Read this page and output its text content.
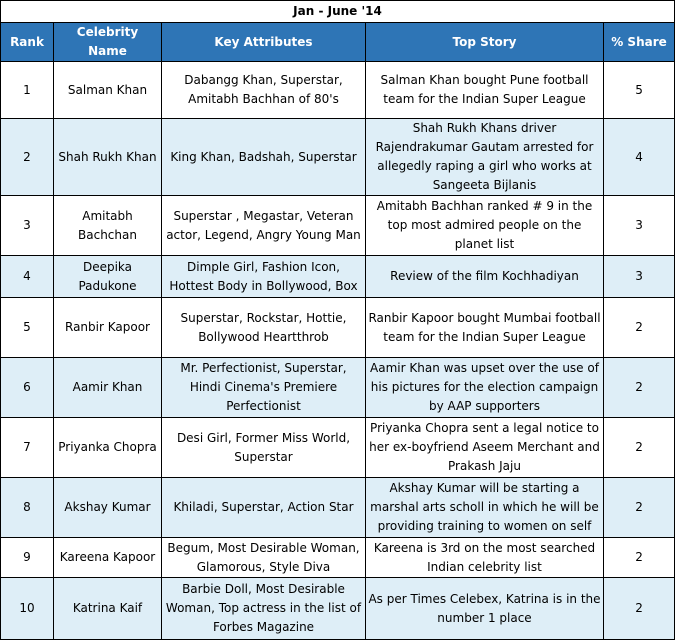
Jan - June '14				
Rank	Celebrity Name	Key Attributes	Top Story	% Share
1	Salman Khan	Dabangg Khan, Superstar, Amitabh Bachhan of 80's	Salman Khan bought Pune football team for the Indian Super League	5
2	Shah Rukh Khan	King Khan, Badshah, Superstar	Shah Rukh Khans driver Rajendrakumar Gautam arrested for allegedly raping a girl who works at Sangeeta Bijlanis	4
3	Amitabh Bachchan	Superstar , Megastar, Veteran actor, Legend, Angry Young Man	Amitabh Bachhan ranked # 9 in the top most admired people on the planet list	3
4	Deepika Padukone	Dimple Girl, Fashion Icon, Hottest Body in Bollywood, Box	Review of the film Kochhadiyan	3
5	Ranbir Kapoor	Superstar, Rockstar, Hottie, Bollywood Heartthrob	Ranbir Kapoor bought Mumbai football team for the Indian Super League	2
6	Aamir Khan	Mr. Perfectionist, Superstar, Hindi Cinema's Premiere Perfectionist	Aamir Khan was upset over the use of his pictures for the election campaign by AAP supporters	2
7	Priyanka Chopra	Desi Girl, Former Miss World, Superstar	Priyanka Chopra sent a legal notice to her ex-boyfriend Aseem Merchant and Prakash Jaju	2
8	Akshay Kumar	Khiladi, Superstar, Action Star	Akshay Kumar will be starting a marshal arts scholl in which he will be providing training to women on self	2
9	Kareena Kapoor	Begum, Most Desirable Woman, Glamorous, Style Diva	Kareena is 3rd on the most searched Indian celebrity list	2
10	Katrina Kaif	Barbie Doll, Most Desirable Woman, Top actress in the list of Forbes Magazine	As per Times Celebex, Katrina is in the number 1 place	2
